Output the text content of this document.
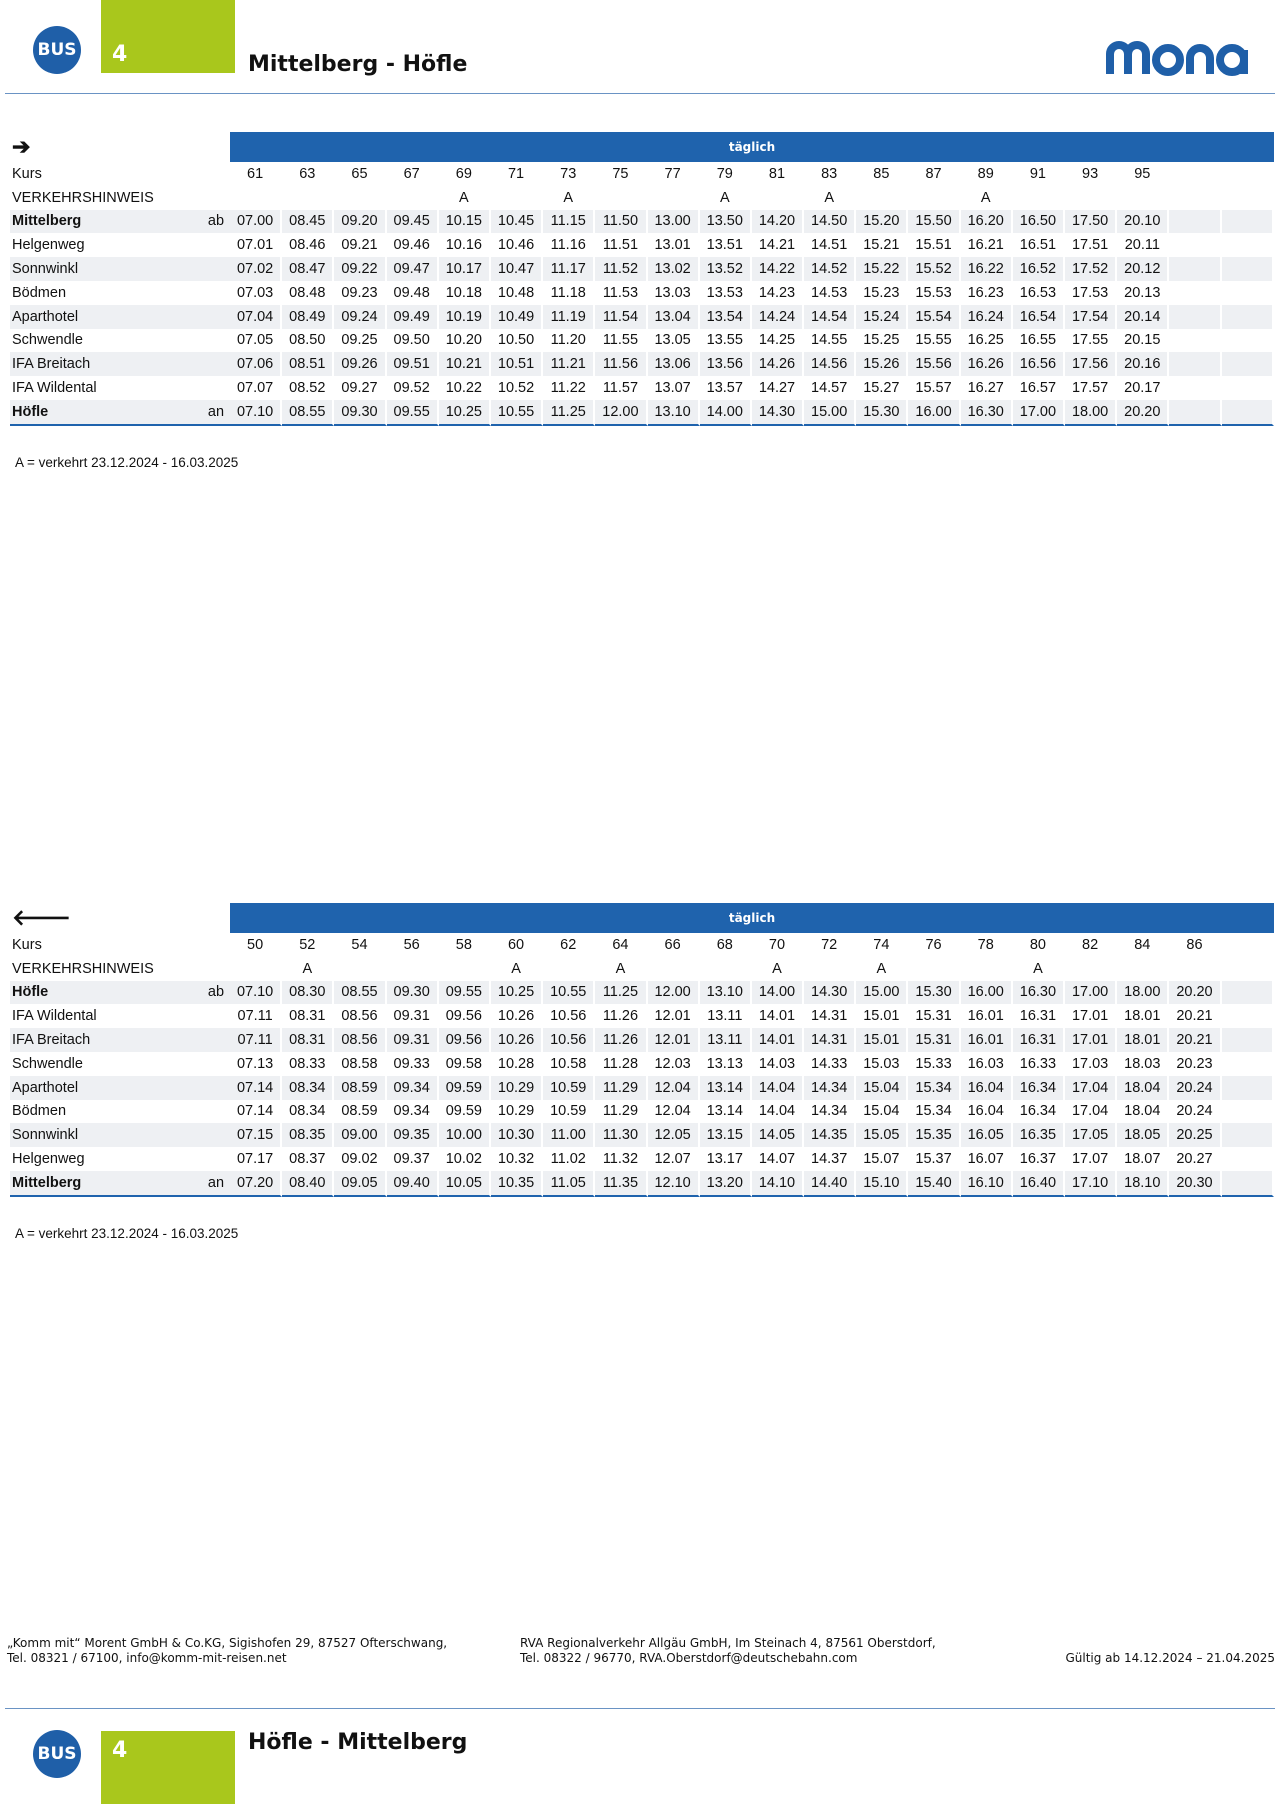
BUS 4	Mittelberg - Höfle
mona
➔		täglich																			
Kurs		61	63	65	67	69	71	73	75	77	79	81	83	85	87	89	91	93	95		
VERKEHRSHINWEIS						A		A			A		A			A					
Mittelberg	ab	07.00	08.45	09.20	09.45	10.15	10.45	11.15	11.50	13.00	13.50	14.20	14.50	15.20	15.50	16.20	16.50	17.50	20.10		
Helgenweg		07.01	08.46	09.21	09.46	10.16	10.46	11.16	11.51	13.01	13.51	14.21	14.51	15.21	15.51	16.21	16.51	17.51	20.11		
Sonnwinkl		07.02	08.47	09.22	09.47	10.17	10.47	11.17	11.52	13.02	13.52	14.22	14.52	15.22	15.52	16.22	16.52	17.52	20.12		
Bödmen		07.03	08.48	09.23	09.48	10.18	10.48	11.18	11.53	13.03	13.53	14.23	14.53	15.23	15.53	16.23	16.53	17.53	20.13		
Aparthotel		07.04	08.49	09.24	09.49	10.19	10.49	11.19	11.54	13.04	13.54	14.24	14.54	15.24	15.54	16.24	16.54	17.54	20.14		
Schwendle		07.05	08.50	09.25	09.50	10.20	10.50	11.20	11.55	13.05	13.55	14.25	14.55	15.25	15.55	16.25	16.55	17.55	20.15		
IFA Breitach		07.06	08.51	09.26	09.51	10.21	10.51	11.21	11.56	13.06	13.56	14.26	14.56	15.26	15.56	16.26	16.56	17.56	20.16		
IFA Wildental		07.07	08.52	09.27	09.52	10.22	10.52	11.22	11.57	13.07	13.57	14.27	14.57	15.27	15.57	16.27	16.57	17.57	20.17		
Höfle	an	07.10	08.55	09.30	09.55	10.25	10.55	11.25	12.00	13.10	14.00	14.30	15.00	15.30	16.00	16.30	17.00	18.00	20.20		
A = verkehrt 23.12.2024 - 16.03.2025
🡐		täglich																			
Kurs		50	52	54	56	58	60	62	64	66	68	70	72	74	76	78	80	82	84	86	
VERKEHRSHINWEIS			A				A		A			A		A			A				
Höfle	ab	07.10	08.30	08.55	09.30	09.55	10.25	10.55	11.25	12.00	13.10	14.00	14.30	15.00	15.30	16.00	16.30	17.00	18.00	20.20	
IFA Wildental		07.11	08.31	08.56	09.31	09.56	10.26	10.56	11.26	12.01	13.11	14.01	14.31	15.01	15.31	16.01	16.31	17.01	18.01	20.21	
IFA Breitach		07.11	08.31	08.56	09.31	09.56	10.26	10.56	11.26	12.01	13.11	14.01	14.31	15.01	15.31	16.01	16.31	17.01	18.01	20.21	
Schwendle		07.13	08.33	08.58	09.33	09.58	10.28	10.58	11.28	12.03	13.13	14.03	14.33	15.03	15.33	16.03	16.33	17.03	18.03	20.23	
Aparthotel		07.14	08.34	08.59	09.34	09.59	10.29	10.59	11.29	12.04	13.14	14.04	14.34	15.04	15.34	16.04	16.34	17.04	18.04	20.24	
Bödmen		07.14	08.34	08.59	09.34	09.59	10.29	10.59	11.29	12.04	13.14	14.04	14.34	15.04	15.34	16.04	16.34	17.04	18.04	20.24	
Sonnwinkl		07.15	08.35	09.00	09.35	10.00	10.30	11.00	11.30	12.05	13.15	14.05	14.35	15.05	15.35	16.05	16.35	17.05	18.05	20.25	
Helgenweg		07.17	08.37	09.02	09.37	10.02	10.32	11.02	11.32	12.07	13.17	14.07	14.37	15.07	15.37	16.07	16.37	17.07	18.07	20.27	
Mittelberg	an	07.20	08.40	09.05	09.40	10.05	10.35	11.05	11.35	12.10	13.20	14.10	14.40	15.10	15.40	16.10	16.40	17.10	18.10	20.30	
A = verkehrt 23.12.2024 - 16.03.2025
„Komm mit“ Morent GmbH & Co.KG, Sigishofen 29, 87527 Ofterschwang,
Tel. 08321 / 67100, info@komm-mit-reisen.net
RVA Regionalverkehr Allgäu GmbH, Im Steinach 4, 87561 Oberstdorf,
Tel. 08322 / 96770, RVA.Oberstdorf@deutschebahn.com	Gültig ab 14.12.2024 – 21.04.2025
BUS 4	Höfle - Mittelberg
